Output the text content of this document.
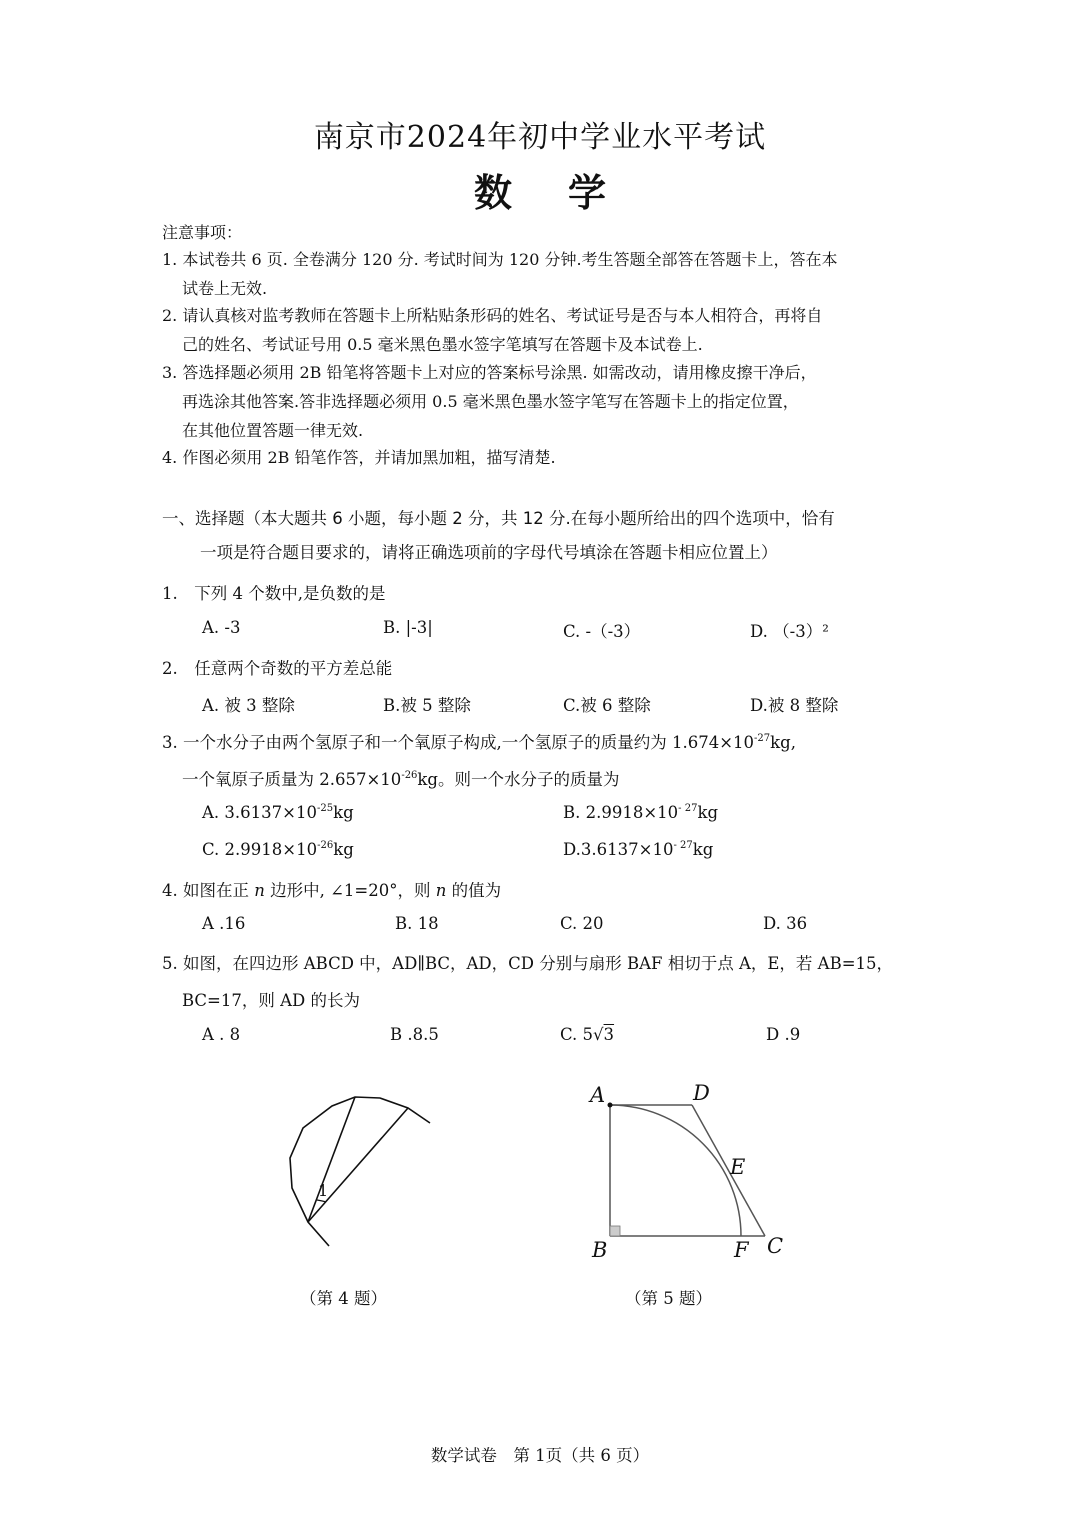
南京市2024年初中学业水平考试
数 学
注意事项：
1. 本试卷共 6 页. 全卷满分 120 分. 考试时间为 120 分钟.考生答题全部答在答题卡上，答在本
试卷上无效.
2. 请认真核对监考教师在答题卡上所粘贴条形码的姓名、考试证号是否与本人相符合，再将自
己的姓名、考试证号用 0.5 毫米黑色墨水签字笔填写在答题卡及本试卷上.
3. 答选择题必须用 2B 铅笔将答题卡上对应的答案标号涂黑. 如需改动，请用橡皮擦干净后，
再选涂其他答案.答非选择题必须用 0.5 毫米黑色墨水签字笔写在答题卡上的指定位置，
在其他位置答题一律无效.
4. 作图必须用 2B 铅笔作答，并请加黑加粗，描写清楚.
一、选择题（本大题共 6 小题，每小题 2 分，共 12 分.在每小题所给出的四个选项中，恰有
一项是符合题目要求的，请将正确选项前的字母代号填涂在答题卡相应位置上）
1.　下列 4 个数中,是负数的是
A. -3	B. |-3|	C. -（-3）	D. （-3）²
2.　任意两个奇数的平方差总能
A. 被 3 整除	B.被 5 整除	C.被 6 整除	D.被 8 整除
3. 一个水分子由两个氢原子和一个氧原子构成,一个氢原子的质量约为 $1.674\times 10^{-27}kg$,
一个氧原子质量为 $2.657\times 10^{-26}kg$。则一个水分子的质量为
A. $3.6137\times 10^{-25}kg$	B. $2.9918\times 10^{- 27}kg$
C. $2.9918\times 10^{-26}kg$	$D.3.6137\times 10^{- 27}kg$
4. 如图在正 n 边形中, ∠1=20°，则 n 的值为
A .16	B. 18	C. 20	D. 36
5. 如图，在四边形 ABCD 中，AD∥BC，AD，CD 分别与扇形 BAF 相切于点 A，E，若 AB=15，
BC=17，则 AD 的长为
A . 8	B .8.5	C. 5√3	D .9
1
（第 4 题）
A	D
E
B	F C
（第 5 题）
数学试卷　第 1页（共 6 页）
